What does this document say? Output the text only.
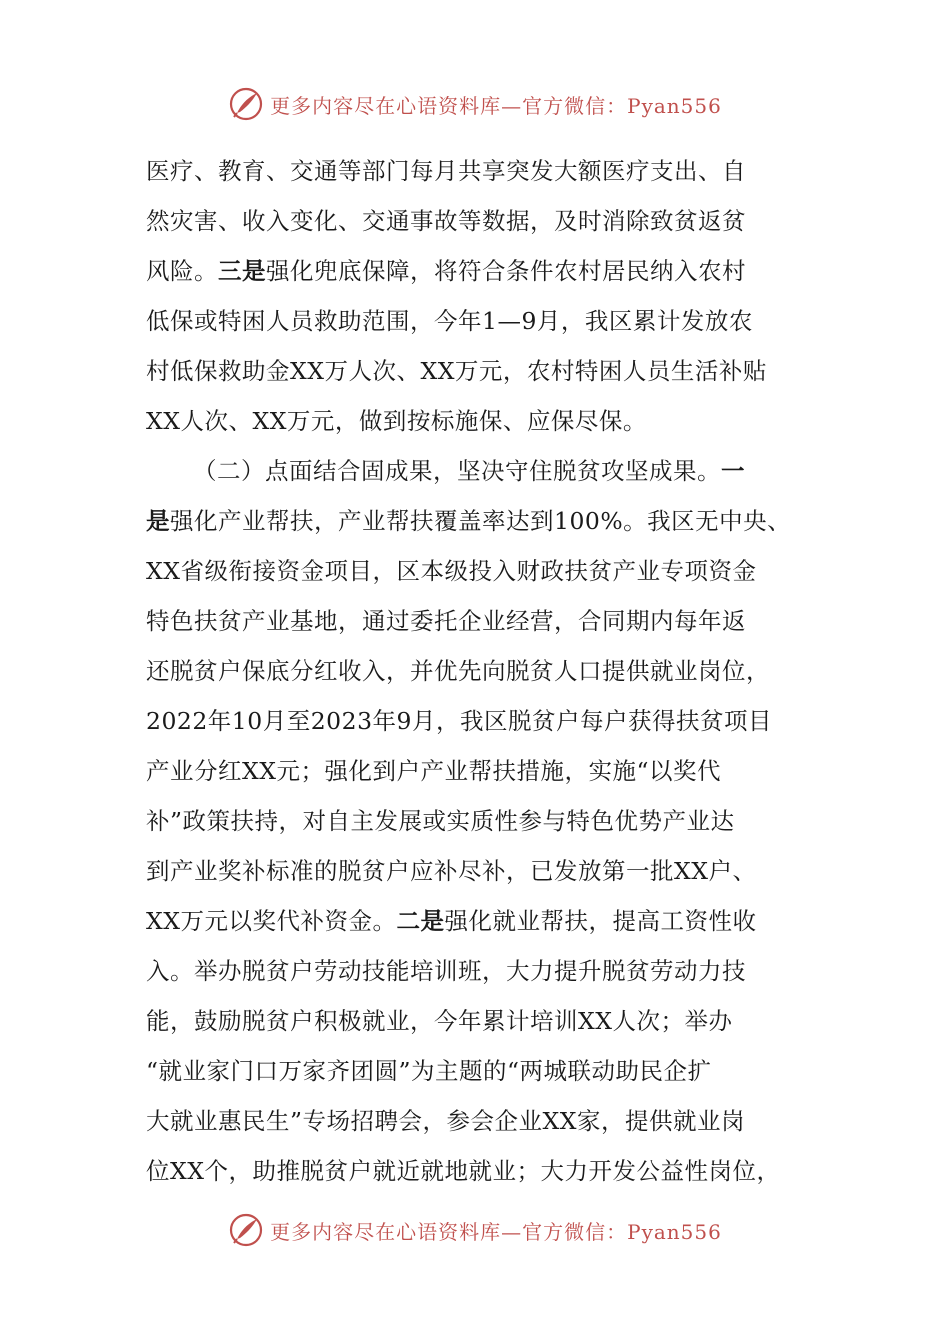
更多内容尽在心语资料库—官方微信：Pyan556
医疗、教育、交通等部门每月共享突发大额医疗支出、自
然灾害、收入变化、交通事故等数据，及时消除致贫返贫
风险。三是强化兜底保障，将符合条件农村居民纳入农村
低保或特困人员救助范围，今年1—9月，我区累计发放农
村低保救助金XX万人次、XX万元，农村特困人员生活补贴
XX人次、XX万元，做到按标施保、应保尽保。
（二）点面结合固成果，坚决守住脱贫攻坚成果。一
是强化产业帮扶，产业帮扶覆盖率达到100%。我区无中央、
XX省级衔接资金项目，区本级投入财政扶贫产业专项资金
特色扶贫产业基地，通过委托企业经营，合同期内每年返
还脱贫户保底分红收入，并优先向脱贫人口提供就业岗位，
2022年10月至2023年9月，我区脱贫户每户获得扶贫项目
产业分红XX元；强化到户产业帮扶措施，实施“以奖代
补”政策扶持，对自主发展或实质性参与特色优势产业达
到产业奖补标准的脱贫户应补尽补，已发放第一批XX户、
XX万元以奖代补资金。二是强化就业帮扶，提高工资性收
入。举办脱贫户劳动技能培训班，大力提升脱贫劳动力技
能，鼓励脱贫户积极就业，今年累计培训XX人次；举办
“就业家门口万家齐团圆”为主题的“两城联动助民企扩
大就业惠民生”专场招聘会，参会企业XX家，提供就业岗
位XX个，助推脱贫户就近就地就业；大力开发公益性岗位，
更多内容尽在心语资料库—官方微信：Pyan556
